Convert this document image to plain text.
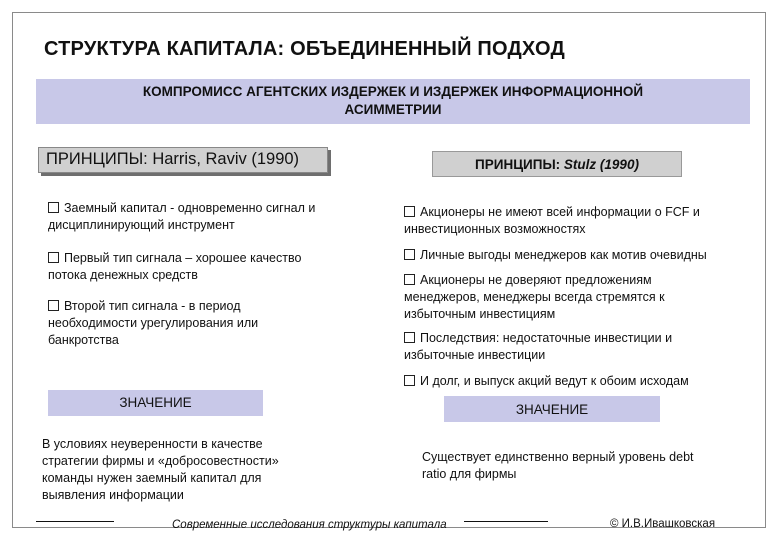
СТРУКТУРА КАПИТАЛА: ОБЪЕДИНЕННЫЙ ПОДХОД
КОМПРОМИСС АГЕНТСКИХ ИЗДЕРЖЕК И ИЗДЕРЖЕК ИНФОРМАЦИОННОЙ
АСИММЕТРИИ
ПРИНЦИПЫ: Harris, Raviv (1990)
Заемный капитал - одновременно сигнал и
дисциплинирующий инструмент
Первый тип сигнала – хорошее качество
потока денежных средств
Второй тип сигнала - в период
необходимости урегулирования или
банкротства
ЗНАЧЕНИЕ
В условиях неуверенности в качестве
стратегии фирмы и «добросовестности»
команды нужен заемный капитал для
выявления информации
ПРИНЦИПЫ: Stulz (1990)
Акционеры не имеют всей информации о FCF и
инвестиционных возможностях
Личные выгоды менеджеров как мотив очевидны
Акционеры не доверяют предложениям
менеджеров, менеджеры всегда стремятся к
избыточным инвестициям
Последствия: недостаточные инвестиции и
избыточные инвестиции
И долг, и выпуск акций ведут к обоим исходам
ЗНАЧЕНИЕ
Существует единственно верный уровень debt
ratio для фирмы
Современные исследования структуры капитала	© И.В.Ивашковская
